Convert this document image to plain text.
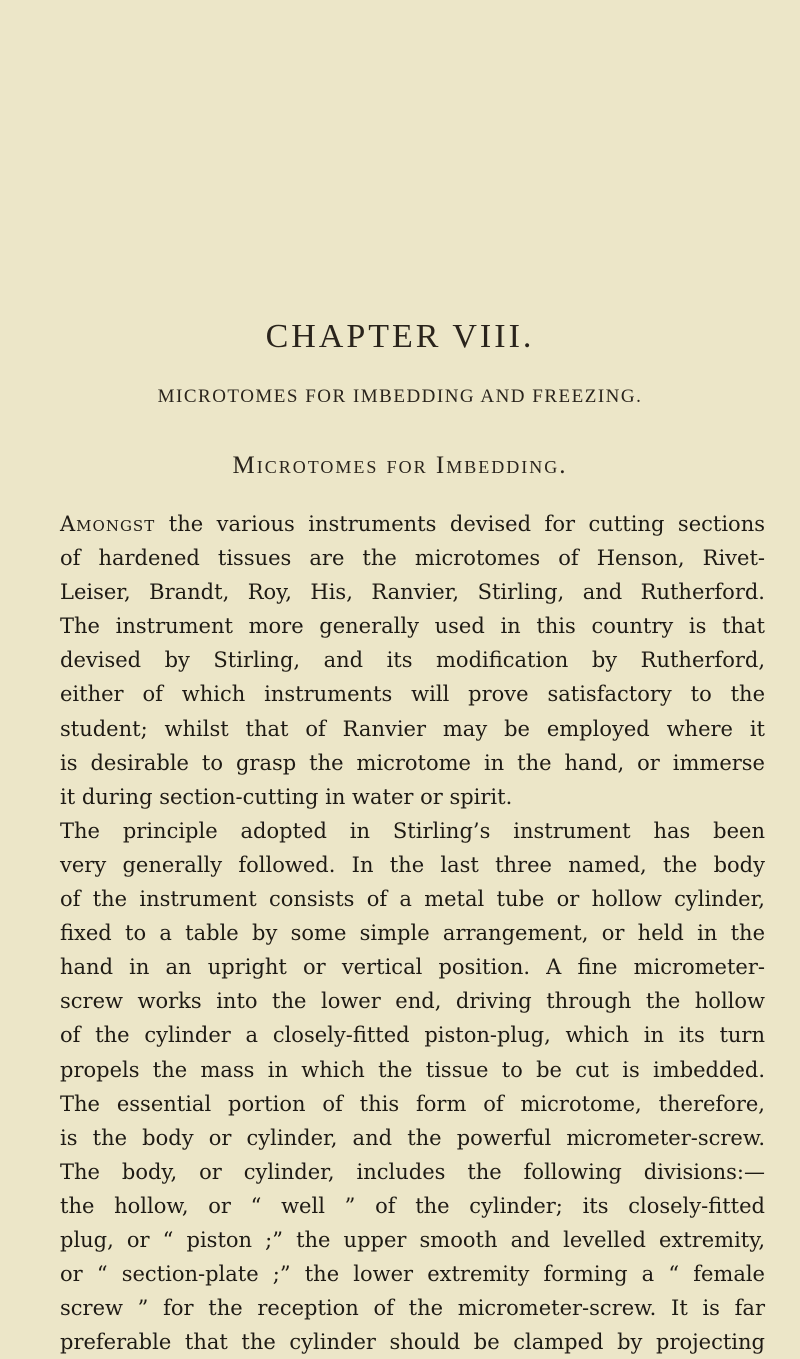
CHAPTER VIII.
MICROTOMES FOR IMBEDDING AND FREEZING.
Microtomes for Imbedding.
Amongst the various instruments devised for cutting sections
of hardened tissues are the microtomes of Henson, Rivet-
Leiser, Brandt, Roy, His, Ranvier, Stirling, and Rutherford.
The instrument more generally used in this country is that
devised by Stirling, and its modification by Rutherford,
either of which instruments will prove satisfactory to the
student; whilst that of Ranvier may be employed where it
is desirable to grasp the microtome in the hand, or immerse
it during section-cutting in water or spirit.
The principle adopted in Stirling’s instrument has been
very generally followed. In the last three named, the body
of the instrument consists of a metal tube or hollow cylinder,
fixed to a table by some simple arrangement, or held in the
hand in an upright or vertical position. A fine micrometer-
screw works into the lower end, driving through the hollow
of the cylinder a closely-fitted piston-plug, which in its turn
propels the mass in which the tissue to be cut is imbedded.
The essential portion of this form of microtome, therefore,
is the body or cylinder, and the powerful micrometer-screw.
The body, or cylinder, includes the following divisions:—
the hollow, or “ well ” of the cylinder; its closely-fitted
plug, or “ piston ;” the upper smooth and levelled extremity,
or “ section-plate ;” the lower extremity forming a “ female
screw ” for the reception of the micrometer-screw. It is far
preferable that the cylinder should be clamped by projecting
